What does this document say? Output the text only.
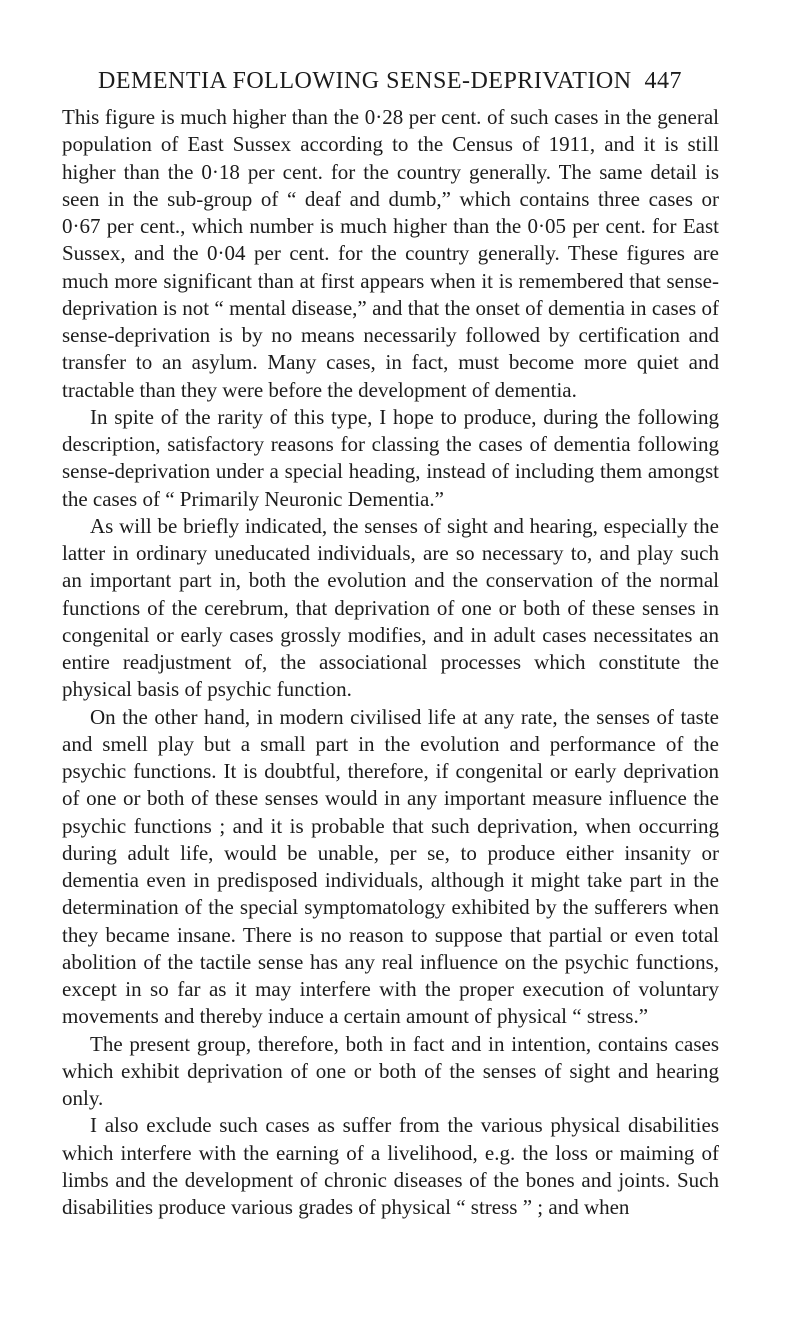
DEMENTIA FOLLOWING SENSE-DEPRIVATION 447

This figure is much higher than the 0·28 per cent. of such cases in the general population of East Sussex according to the Census of 1911, and it is still higher than the 0·18 per cent. for the country generally. The same detail is seen in the sub-group of “ deaf and dumb,” which contains three cases or 0·67 per cent., which number is much higher than the 0·05 per cent. for East Sussex, and the 0·04 per cent. for the country generally. These figures are much more significant than at first appears when it is remembered that sense-deprivation is not “ mental disease,” and that the onset of dementia in cases of sense-deprivation is by no means necessarily followed by certification and transfer to an asylum. Many cases, in fact, must become more quiet and tractable than they were before the development of dementia.

In spite of the rarity of this type, I hope to produce, during the following description, satisfactory reasons for classing the cases of dementia following sense-deprivation under a special heading, instead of including them amongst the cases of “ Primarily Neuronic Dementia.”

As will be briefly indicated, the senses of sight and hearing, especially the latter in ordinary uneducated individuals, are so necessary to, and play such an important part in, both the evolution and the conservation of the normal functions of the cerebrum, that deprivation of one or both of these senses in congenital or early cases grossly modifies, and in adult cases necessitates an entire readjustment of, the associational processes which constitute the physical basis of psychic function.

On the other hand, in modern civilised life at any rate, the senses of taste and smell play but a small part in the evolution and performance of the psychic functions. It is doubtful, therefore, if congenital or early deprivation of one or both of these senses would in any important measure influence the psychic functions ; and it is probable that such deprivation, when occurring during adult life, would be unable, per se, to produce either insanity or dementia even in predisposed individuals, although it might take part in the determination of the special symptomatology exhibited by the sufferers when they became insane. There is no reason to suppose that partial or even total abolition of the tactile sense has any real influence on the psychic functions, except in so far as it may interfere with the proper execution of voluntary movements and thereby induce a certain amount of physical “ stress.”

The present group, therefore, both in fact and in intention, contains cases which exhibit deprivation of one or both of the senses of sight and hearing only.

I also exclude such cases as suffer from the various physical disabilities which interfere with the earning of a livelihood, e.g. the loss or maiming of limbs and the development of chronic diseases of the bones and joints. Such disabilities produce various grades of physical “ stress ” ; and when
